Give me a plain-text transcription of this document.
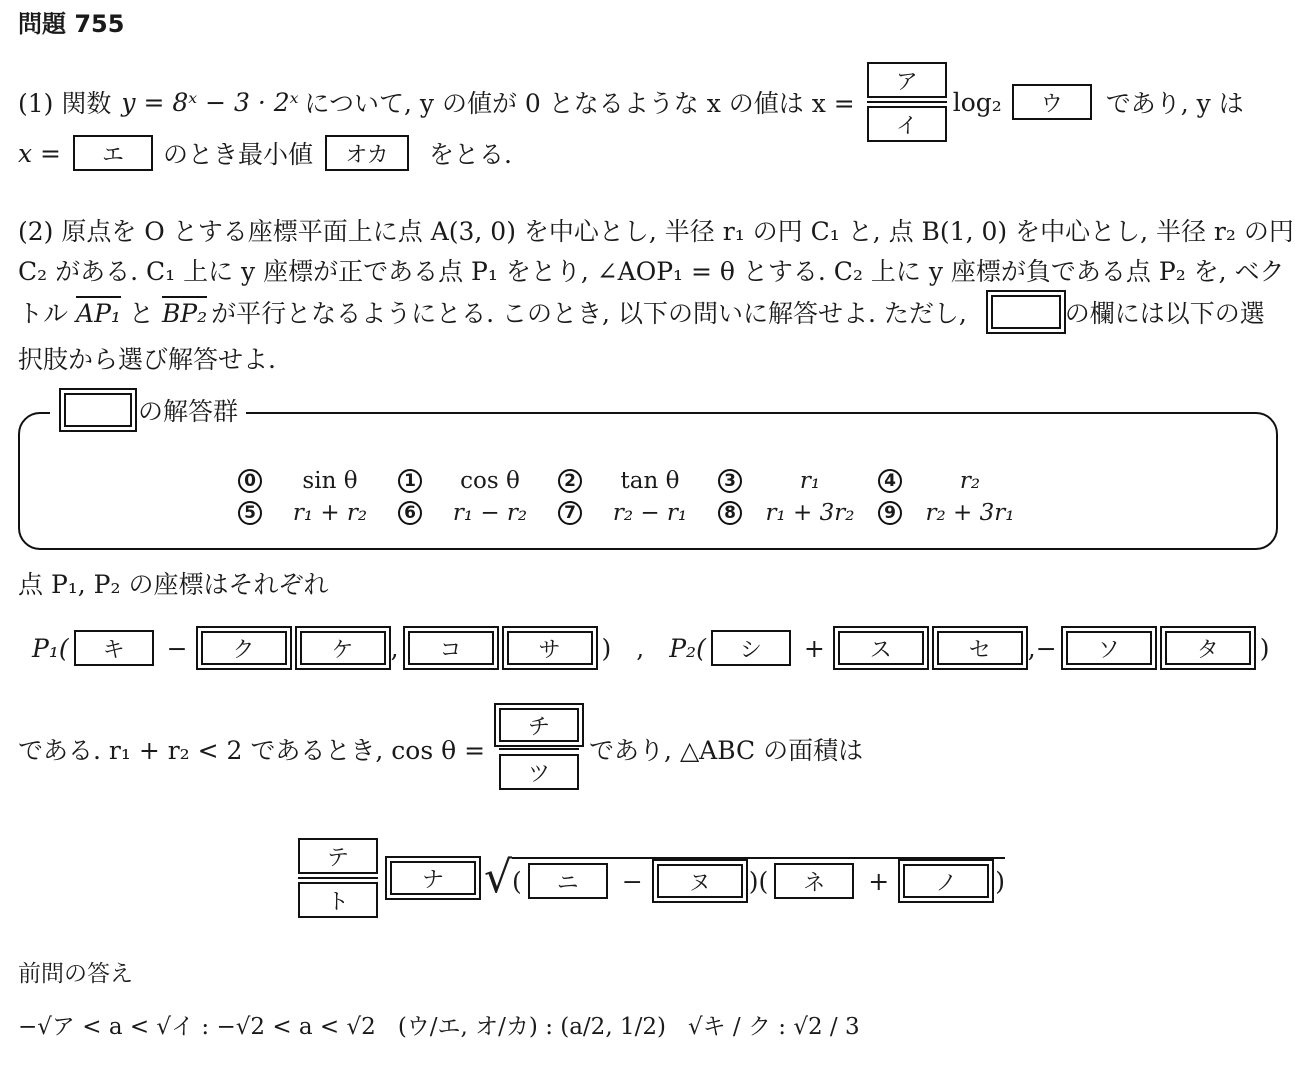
問題 755
(1) 関数 y = 8ˣ − 3 · 2ˣ について, y の値が 0 となるような x の値は $x = \frac{\text{ア}}{\text{イ}} \log_2$	ウ	であり, y は
x =	エ	のとき最小値	オカ	をとる.
(2) 原点を O とする座標平面上に点 A(3, 0) を中心とし, 半径 r₁ の円 C₁ と, 点 B(1, 0) を中心とし, 半径 r₂ の円
C₂ がある. C₁ 上に y 座標が正である点 P₁ をとり, ∠AOP₁ = θ とする. C₂ 上に y 座標が負である点 P₂ を, ベク
トル AP₁ と BP₂ が平行となるようにとる. このとき, 以下の問いに解答せよ. ただし,	の欄には以下の選
択肢から選び解答せよ.
の解答群
0	sin θ	1	cos θ	2	tan θ	3	r₁	4	r₂
5	r₁ + r₂	6	r₁ − r₂	7	r₂ − r₁	8	r₁ + 3r₂	9	r₂ + 3r₁
点 P₁, P₂ の座標はそれぞれ
P₁(	キ	−	ク	ケ	,	コ	サ	) , P₂(	シ	+	ス	セ	,−	ソ	タ	)
である. r₁ + r₂ < 2 であるとき, $\cos \theta = \frac{\text{チ}}{\text{ツ}}$ であり, △ABC の面積は
$\frac{\text{テ}}{\text{ト}}$	ナ √ (	ニ	−	ヌ	)(	ネ	+	ノ	)
前問の答え
−√ア < a < √イ : −√2 < a < √2 (ウ/エ, オ/カ) : (a/2, 1/2) √キ / ク : √2 / 3
